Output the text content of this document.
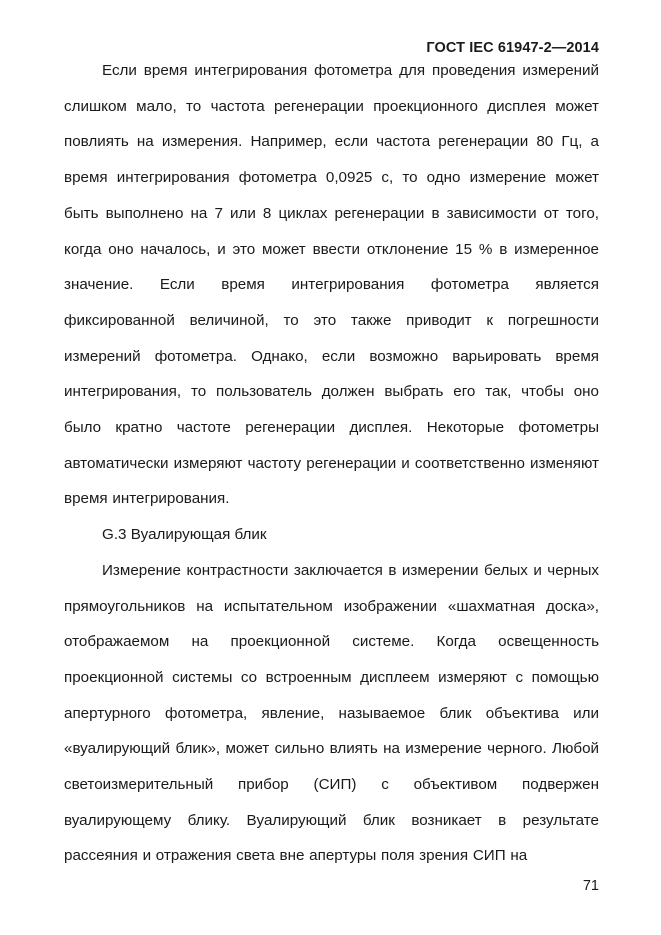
ГОСТ IEC 61947-2—2014

Если время интегрирования фотометра для проведения измерений слишком мало, то частота регенерации проекционного дисплея может повлиять на измерения. Например, если частота регенерации 80 Гц, а время интегрирования фотометра 0,0925 с, то одно измерение может быть выполнено на 7 или 8 циклах регенерации в зависимости от того, когда оно началось, и это может ввести отклонение 15 % в измеренное значение. Если время интегрирования фотометра является фиксированной величиной, то это также приводит к погрешности измерений фотометра. Однако, если возможно варьировать время интегрирования, то пользователь должен выбрать его так, чтобы оно было кратно частоте регенерации дисплея. Некоторые фотометры автоматически измеряют частоту регенерации и соответственно изменяют время интегрирования.

G.3 Вуалирующая блик

Измерение контрастности заключается в измерении белых и черных прямоугольников на испытательном изображении «шахматная доска», отображаемом на проекционной системе. Когда освещенность проекционной системы со встроенным дисплеем измеряют с помощью апертурного фотометра, явление, называемое блик объектива или «вуалирующий блик», может сильно влиять на измерение черного. Любой светоизмерительный прибор (СИП) с объективом подвержен вуалирующему блику. Вуалирующий блик возникает в результате рассеяния и отражения света вне апертуры поля зрения СИП на

71
